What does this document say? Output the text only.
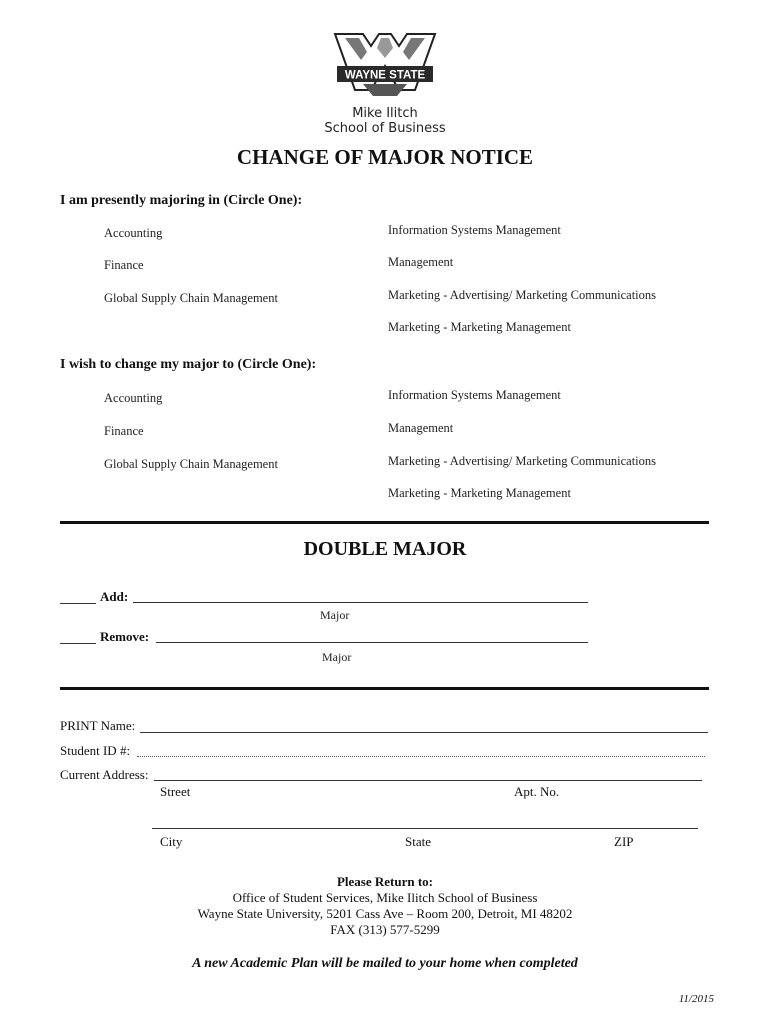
WAYNE STATE
Mike Ilitch
School of Business
CHANGE OF MAJOR NOTICE
I am presently majoring in (Circle One):
Accounting
Finance
Global Supply Chain Management
Information Systems Management
Management
Marketing - Advertising/ Marketing Communications
Marketing - Marketing Management
I wish to change my major to (Circle One):
Accounting
Finance
Global Supply Chain Management
Information Systems Management
Management
Marketing - Advertising/ Marketing Communications
Marketing - Marketing Management
DOUBLE MAJOR
Add:
Major
Remove:
Major
PRINT Name:
Student ID #:
Current Address:
Street	Apt. No.
City	State	ZIP
Please Return to:
Office of Student Services, Mike Ilitch School of Business
Wayne State University, 5201 Cass Ave – Room 200, Detroit, MI 48202
FAX (313) 577-5299
A new Academic Plan will be mailed to your home when completed
11/2015
